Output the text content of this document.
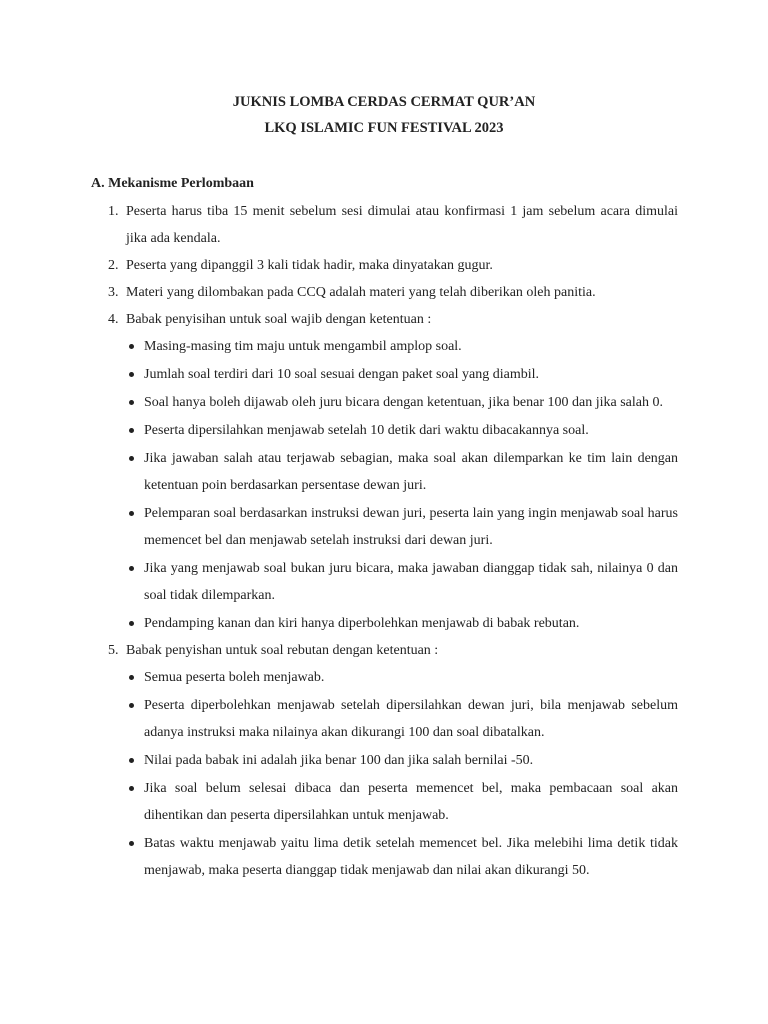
JUKNIS LOMBA CERDAS CERMAT QUR’AN
LKQ ISLAMIC FUN FESTIVAL 2023
A. Mekanisme Perlombaan
1. Peserta harus tiba 15 menit sebelum sesi dimulai atau konfirmasi 1 jam sebelum acara dimulai jika ada kendala.
2. Peserta yang dipanggil 3 kali tidak hadir, maka dinyatakan gugur.
3. Materi yang dilombakan pada CCQ adalah materi yang telah diberikan oleh panitia.
4. Babak penyisihan untuk soal wajib dengan ketentuan :
Masing-masing tim maju untuk mengambil amplop soal.
Jumlah soal terdiri dari 10 soal sesuai dengan paket soal yang diambil.
Soal hanya boleh dijawab oleh juru bicara dengan ketentuan, jika benar 100 dan jika salah 0.
Peserta dipersilahkan menjawab setelah 10 detik dari waktu dibacakannya soal.
Jika jawaban salah atau terjawab sebagian, maka soal akan dilemparkan ke tim lain dengan ketentuan poin berdasarkan persentase dewan juri.
Pelemparan soal berdasarkan instruksi dewan juri, peserta lain yang ingin menjawab soal harus memencet bel dan menjawab setelah instruksi dari dewan juri.
Jika yang menjawab soal bukan juru bicara, maka jawaban dianggap tidak sah, nilainya 0 dan soal tidak dilemparkan.
Pendamping kanan dan kiri hanya diperbolehkan menjawab di babak rebutan.
5. Babak penyishan untuk soal rebutan dengan ketentuan :
Semua peserta boleh menjawab.
Peserta diperbolehkan menjawab setelah dipersilahkan dewan juri, bila menjawab sebelum adanya instruksi maka nilainya akan dikurangi 100 dan soal dibatalkan.
Nilai pada babak ini adalah jika benar 100 dan jika salah bernilai -50.
Jika soal belum selesai dibaca dan peserta memencet bel, maka pembacaan soal akan dihentikan dan peserta dipersilahkan untuk menjawab.
Batas waktu menjawab yaitu lima detik setelah memencet bel. Jika melebihi lima detik tidak menjawab, maka peserta dianggap tidak menjawab dan nilai akan dikurangi 50.
